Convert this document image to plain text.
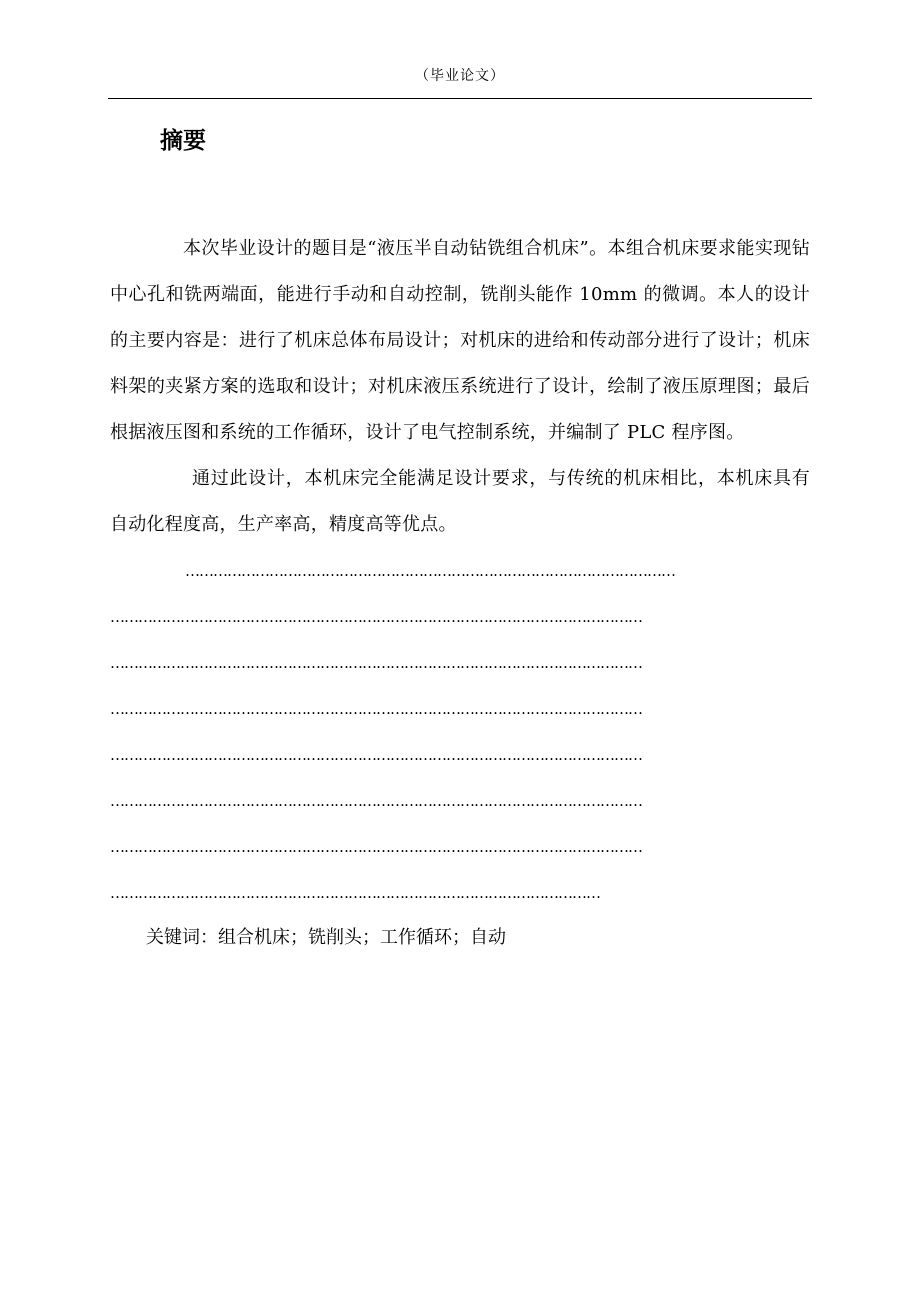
（毕业论文）
摘要

本次毕业设计的题目是“液压半自动钻铣组合机床”。本组合机床要求能实现钻中心孔和铣两端面，能进行手动和自动控制，铣削头能作 10mm 的微调。本人的设计的主要内容是：进行了机床总体布局设计；对机床的进给和传动部分进行了设计；机床料架的夹紧方案的选取和设计；对机床液压系统进行了设计，绘制了液压原理图；最后根据液压图和系统的工作循环，设计了电气控制系统，并编制了 PLC 程序图。

通过此设计，本机床完全能满足设计要求，与传统的机床相比，本机床具有自动化程度高，生产率高，精度高等优点。

……………………………………………………………………………………………

……………………………………………………………………………………………………

……………………………………………………………………………………………………

……………………………………………………………………………………………………

……………………………………………………………………………………………………

……………………………………………………………………………………………………

……………………………………………………………………………………………………

……………………………………………………………………………………………

关键词：组合机床；铣削头；工作循环；自动
